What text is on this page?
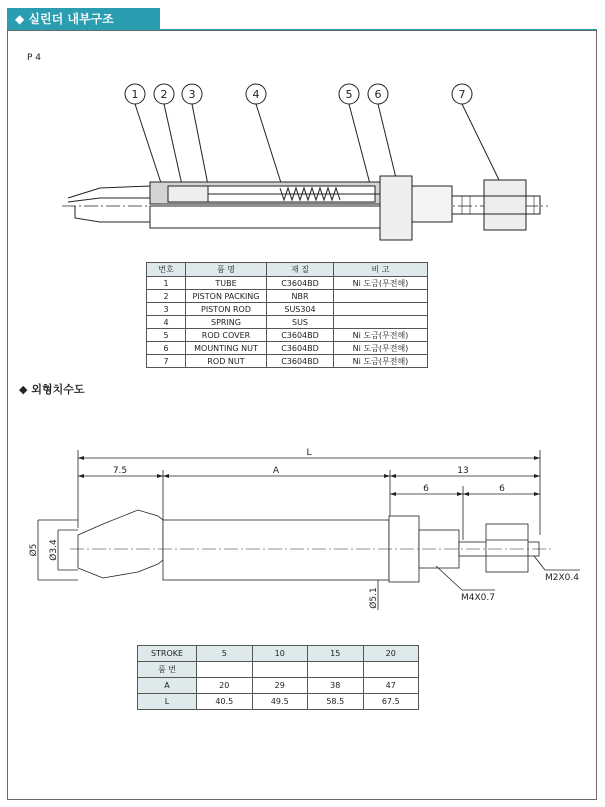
◆ 실린더 내부구조
P 4
1 2 3	4	5 6	7
번호	품 명	재 질	비 고
1	TUBE	C3604BD	Ni 도금(무전해)
2	PISTON PACKING	NBR	
3	PISTON ROD	SUS304	
4	SPRING	SUS	
5	ROD COVER	C3604BD	Ni 도금(무전해)
6	MOUNTING NUT	C3604BD	Ni 도금(무전해)
7	ROD NUT	C3604BD	Ni 도금(무전해)
◆ 외형치수도
L
7.5	A	13
6	6
Ø5 Ø3.4
Ø5.1	M4X0.7
M2X0.4
STROKE	5	10	15	20
품 번				
A	20	29	38	47
L	40.5	49.5	58.5	67.5
